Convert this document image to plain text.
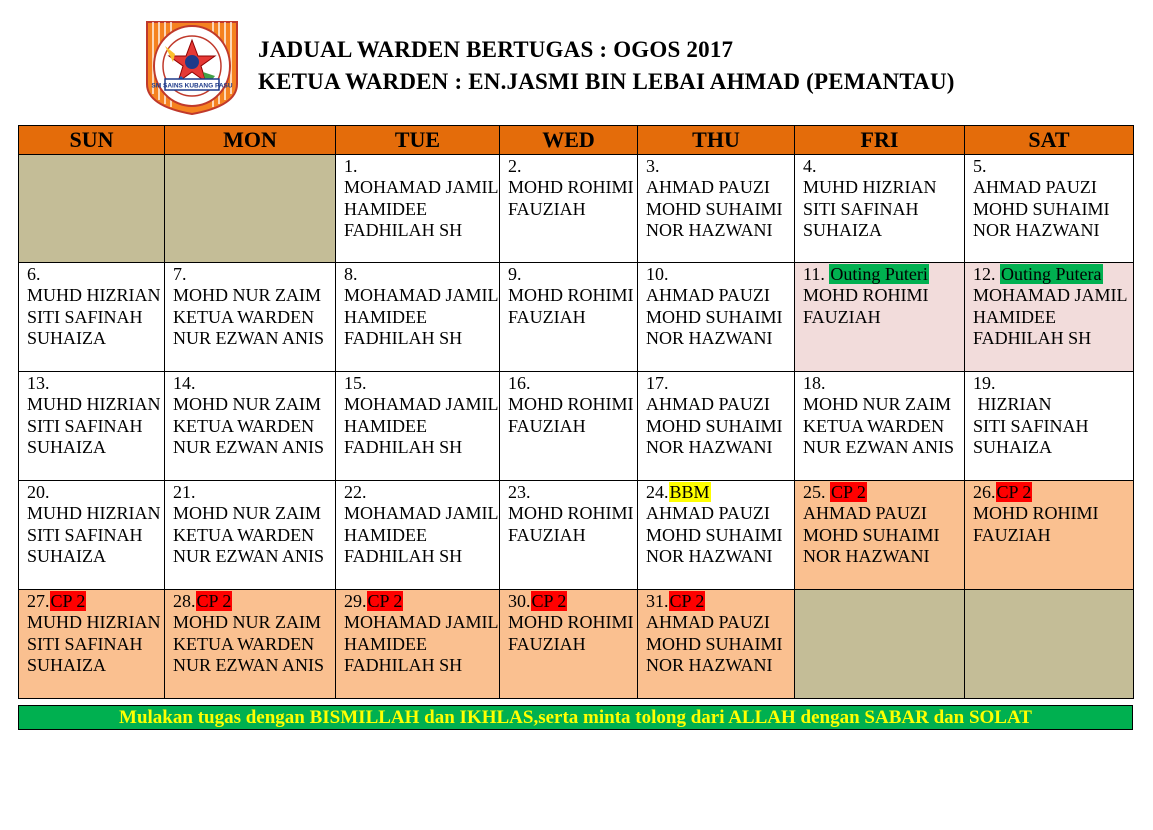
SM SAINS KUBANG PASU
JADUAL WARDEN BERTUGAS : OGOS 2017
KETUA WARDEN : EN.JASMI BIN LEBAI AHMAD (PEMANTAU)
SUN	MON	TUE	WED	THU	FRI	SAT

		1.
MOHAMAD JAMIL
HAMIDEE
FADHILAH SH	2.
MOHD ROHIMI
FAUZIAH	3.
AHMAD PAUZI
MOHD SUHAIMI
NOR HAZWANI	4.
MUHD HIZRIAN
SITI SAFINAH
SUHAIZA	5.
AHMAD PAUZI
MOHD SUHAIMI
NOR HAZWANI

6.
MUHD HIZRIAN
SITI SAFINAH
SUHAIZA	7.
MOHD NUR ZAIM
KETUA WARDEN
NUR EZWAN ANIS	8.
MOHAMAD JAMIL
HAMIDEE
FADHILAH SH	9.
MOHD ROHIMI
FAUZIAH	10.
AHMAD PAUZI
MOHD SUHAIMI
NOR HAZWANI	11. Outing Puteri
MOHD ROHIMI
FAUZIAH	12. Outing Putera
MOHAMAD JAMIL
HAMIDEE
FADHILAH SH

13.
MUHD HIZRIAN
SITI SAFINAH
SUHAIZA	14.
MOHD NUR ZAIM
KETUA WARDEN
NUR EZWAN ANIS	15.
MOHAMAD JAMIL
HAMIDEE
FADHILAH SH	16.
MOHD ROHIMI
FAUZIAH	17.
AHMAD PAUZI
MOHD SUHAIMI
NOR HAZWANI	18.
MOHD NUR ZAIM
KETUA WARDEN
NUR EZWAN ANIS	19.
HIZRIAN
SITI SAFINAH
SUHAIZA

20.
MUHD HIZRIAN
SITI SAFINAH
SUHAIZA	21.
MOHD NUR ZAIM
KETUA WARDEN
NUR EZWAN ANIS	22.
MOHAMAD JAMIL
HAMIDEE
FADHILAH SH	23.
MOHD ROHIMI
FAUZIAH	24.BBM
AHMAD PAUZI
MOHD SUHAIMI
NOR HAZWANI	25. CP 2
AHMAD PAUZI
MOHD SUHAIMI
NOR HAZWANI	26.CP 2
MOHD ROHIMI
FAUZIAH

27.CP 2
MUHD HIZRIAN
SITI SAFINAH
SUHAIZA	28.CP 2
MOHD NUR ZAIM
KETUA WARDEN
NUR EZWAN ANIS	29.CP 2
MOHAMAD JAMIL
HAMIDEE
FADHILAH SH	30.CP 2
MOHD ROHIMI
FAUZIAH	31.CP 2
AHMAD PAUZI
MOHD SUHAIMI
NOR HAZWANI		

Mulakan tugas dengan BISMILLAH dan IKHLAS,serta minta tolong dari ALLAH dengan SABAR dan SOLAT
